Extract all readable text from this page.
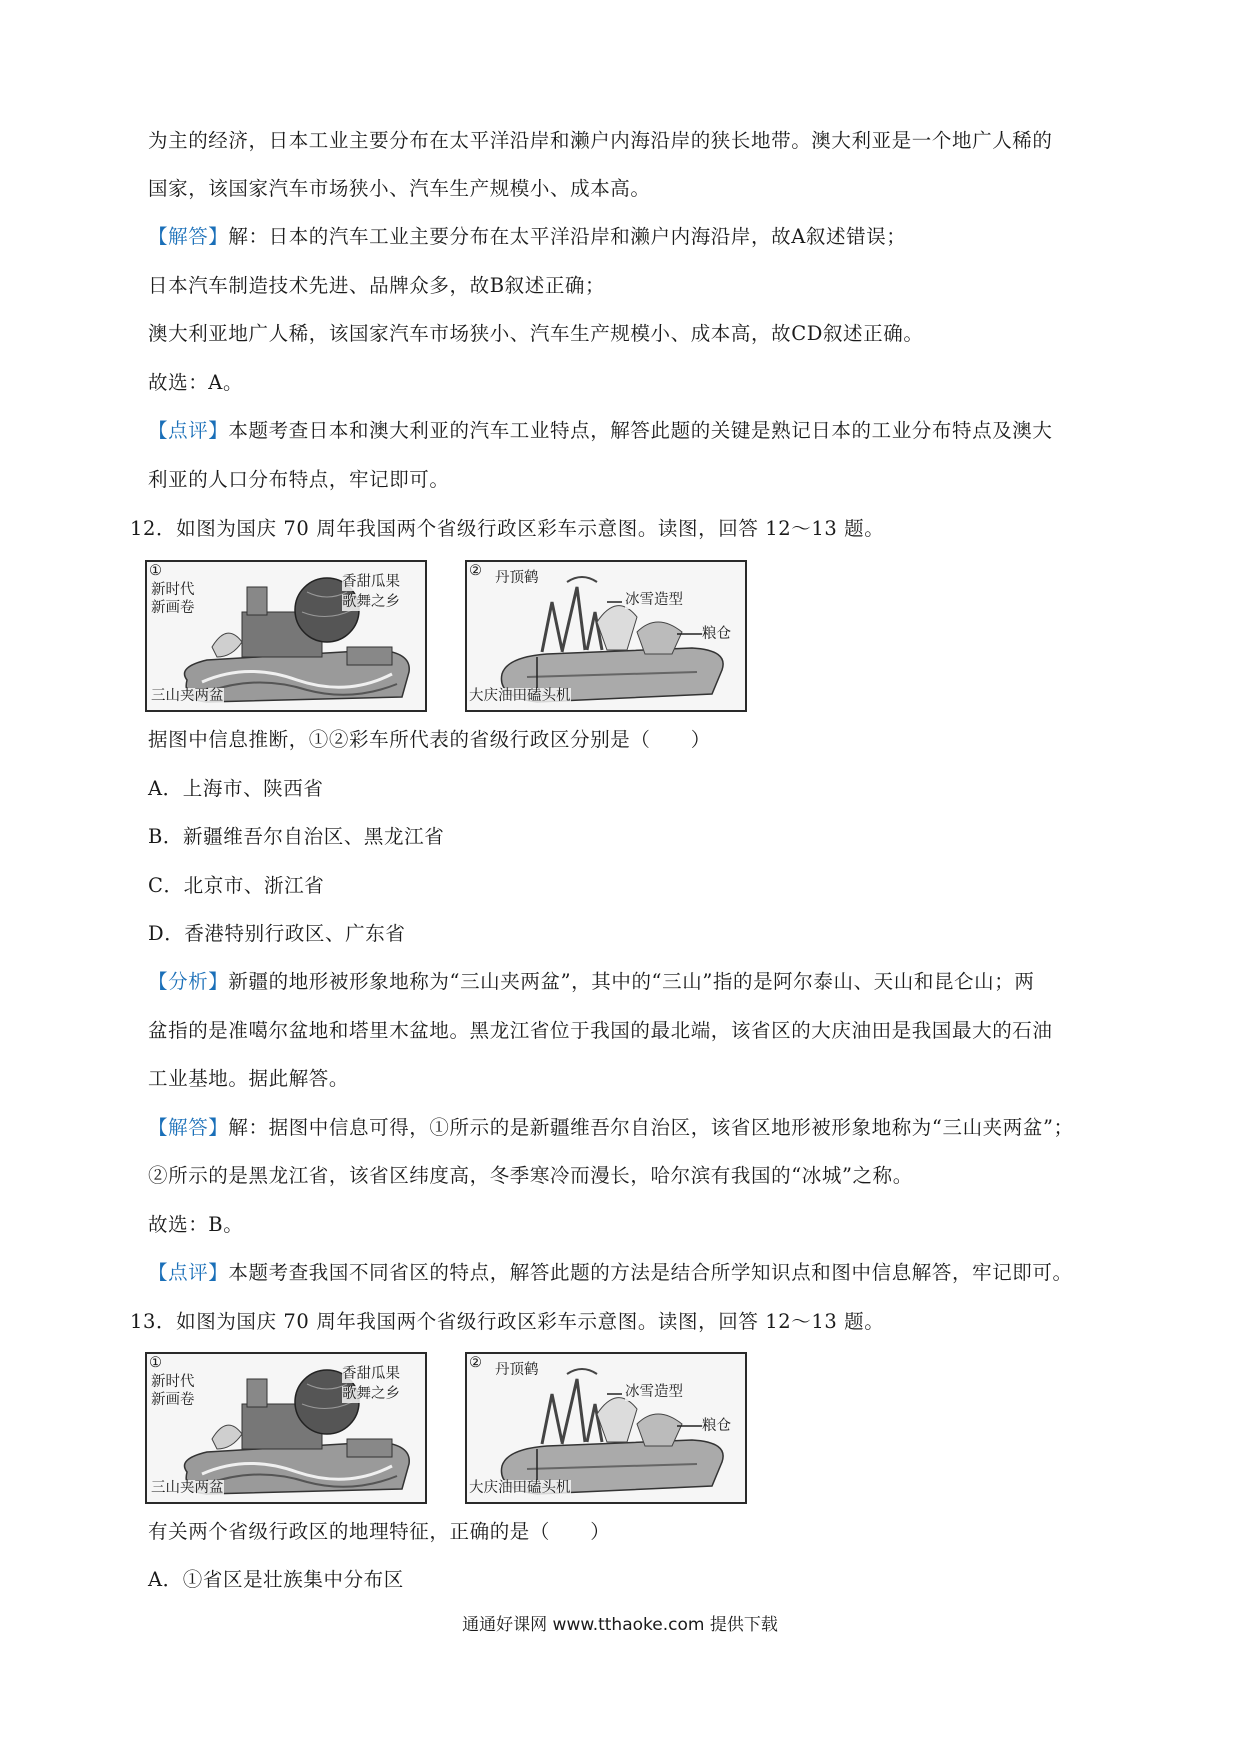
为主的经济，日本工业主要分布在太平洋沿岸和濑户内海沿岸的狭长地带。澳大利亚是一个地广人稀的
国家，该国家汽车市场狭小、汽车生产规模小、成本高。
【解答】解：日本的汽车工业主要分布在太平洋沿岸和濑户内海沿岸，故A叙述错误；
日本汽车制造技术先进、品牌众多，故B叙述正确；
澳大利亚地广人稀，该国家汽车市场狭小、汽车生产规模小、成本高，故CD叙述正确。
故选：A。
【点评】本题考查日本和澳大利亚的汽车工业特点，解答此题的关键是熟记日本的工业分布特点及澳大
利亚的人口分布特点，牢记即可。
12．如图为国庆 70 周年我国两个省级行政区彩车示意图。读图，回答 12～13 题。
①
新时代
新画卷
香甜瓜果
歌舞之乡
三山夹两盆
② 丹顶鹤
冰雪造型
粮仓
大庆油田磕头机
据图中信息推断，①②彩车所代表的省级行政区分别是（　　）
A．上海市、陕西省
B．新疆维吾尔自治区、黑龙江省
C．北京市、浙江省
D．香港特别行政区、广东省
【分析】新疆的地形被形象地称为“三山夹两盆”，其中的“三山”指的是阿尔泰山、天山和昆仑山；两
盆指的是准噶尔盆地和塔里木盆地。黑龙江省位于我国的最北端，该省区的大庆油田是我国最大的石油
工业基地。据此解答。
【解答】解：据图中信息可得，①所示的是新疆维吾尔自治区，该省区地形被形象地称为“三山夹两盆”；
②所示的是黑龙江省，该省区纬度高，冬季寒冷而漫长，哈尔滨有我国的“冰城”之称。
故选：B。
【点评】本题考查我国不同省区的特点，解答此题的方法是结合所学知识点和图中信息解答，牢记即可。
13．如图为国庆 70 周年我国两个省级行政区彩车示意图。读图，回答 12～13 题。
①
新时代
新画卷
香甜瓜果
歌舞之乡
三山夹两盆
② 丹顶鹤
冰雪造型
粮仓
大庆油田磕头机
有关两个省级行政区的地理特征，正确的是（　　）
A．①省区是壮族集中分布区
通通好课网 www.tthaoke.com 提供下载
